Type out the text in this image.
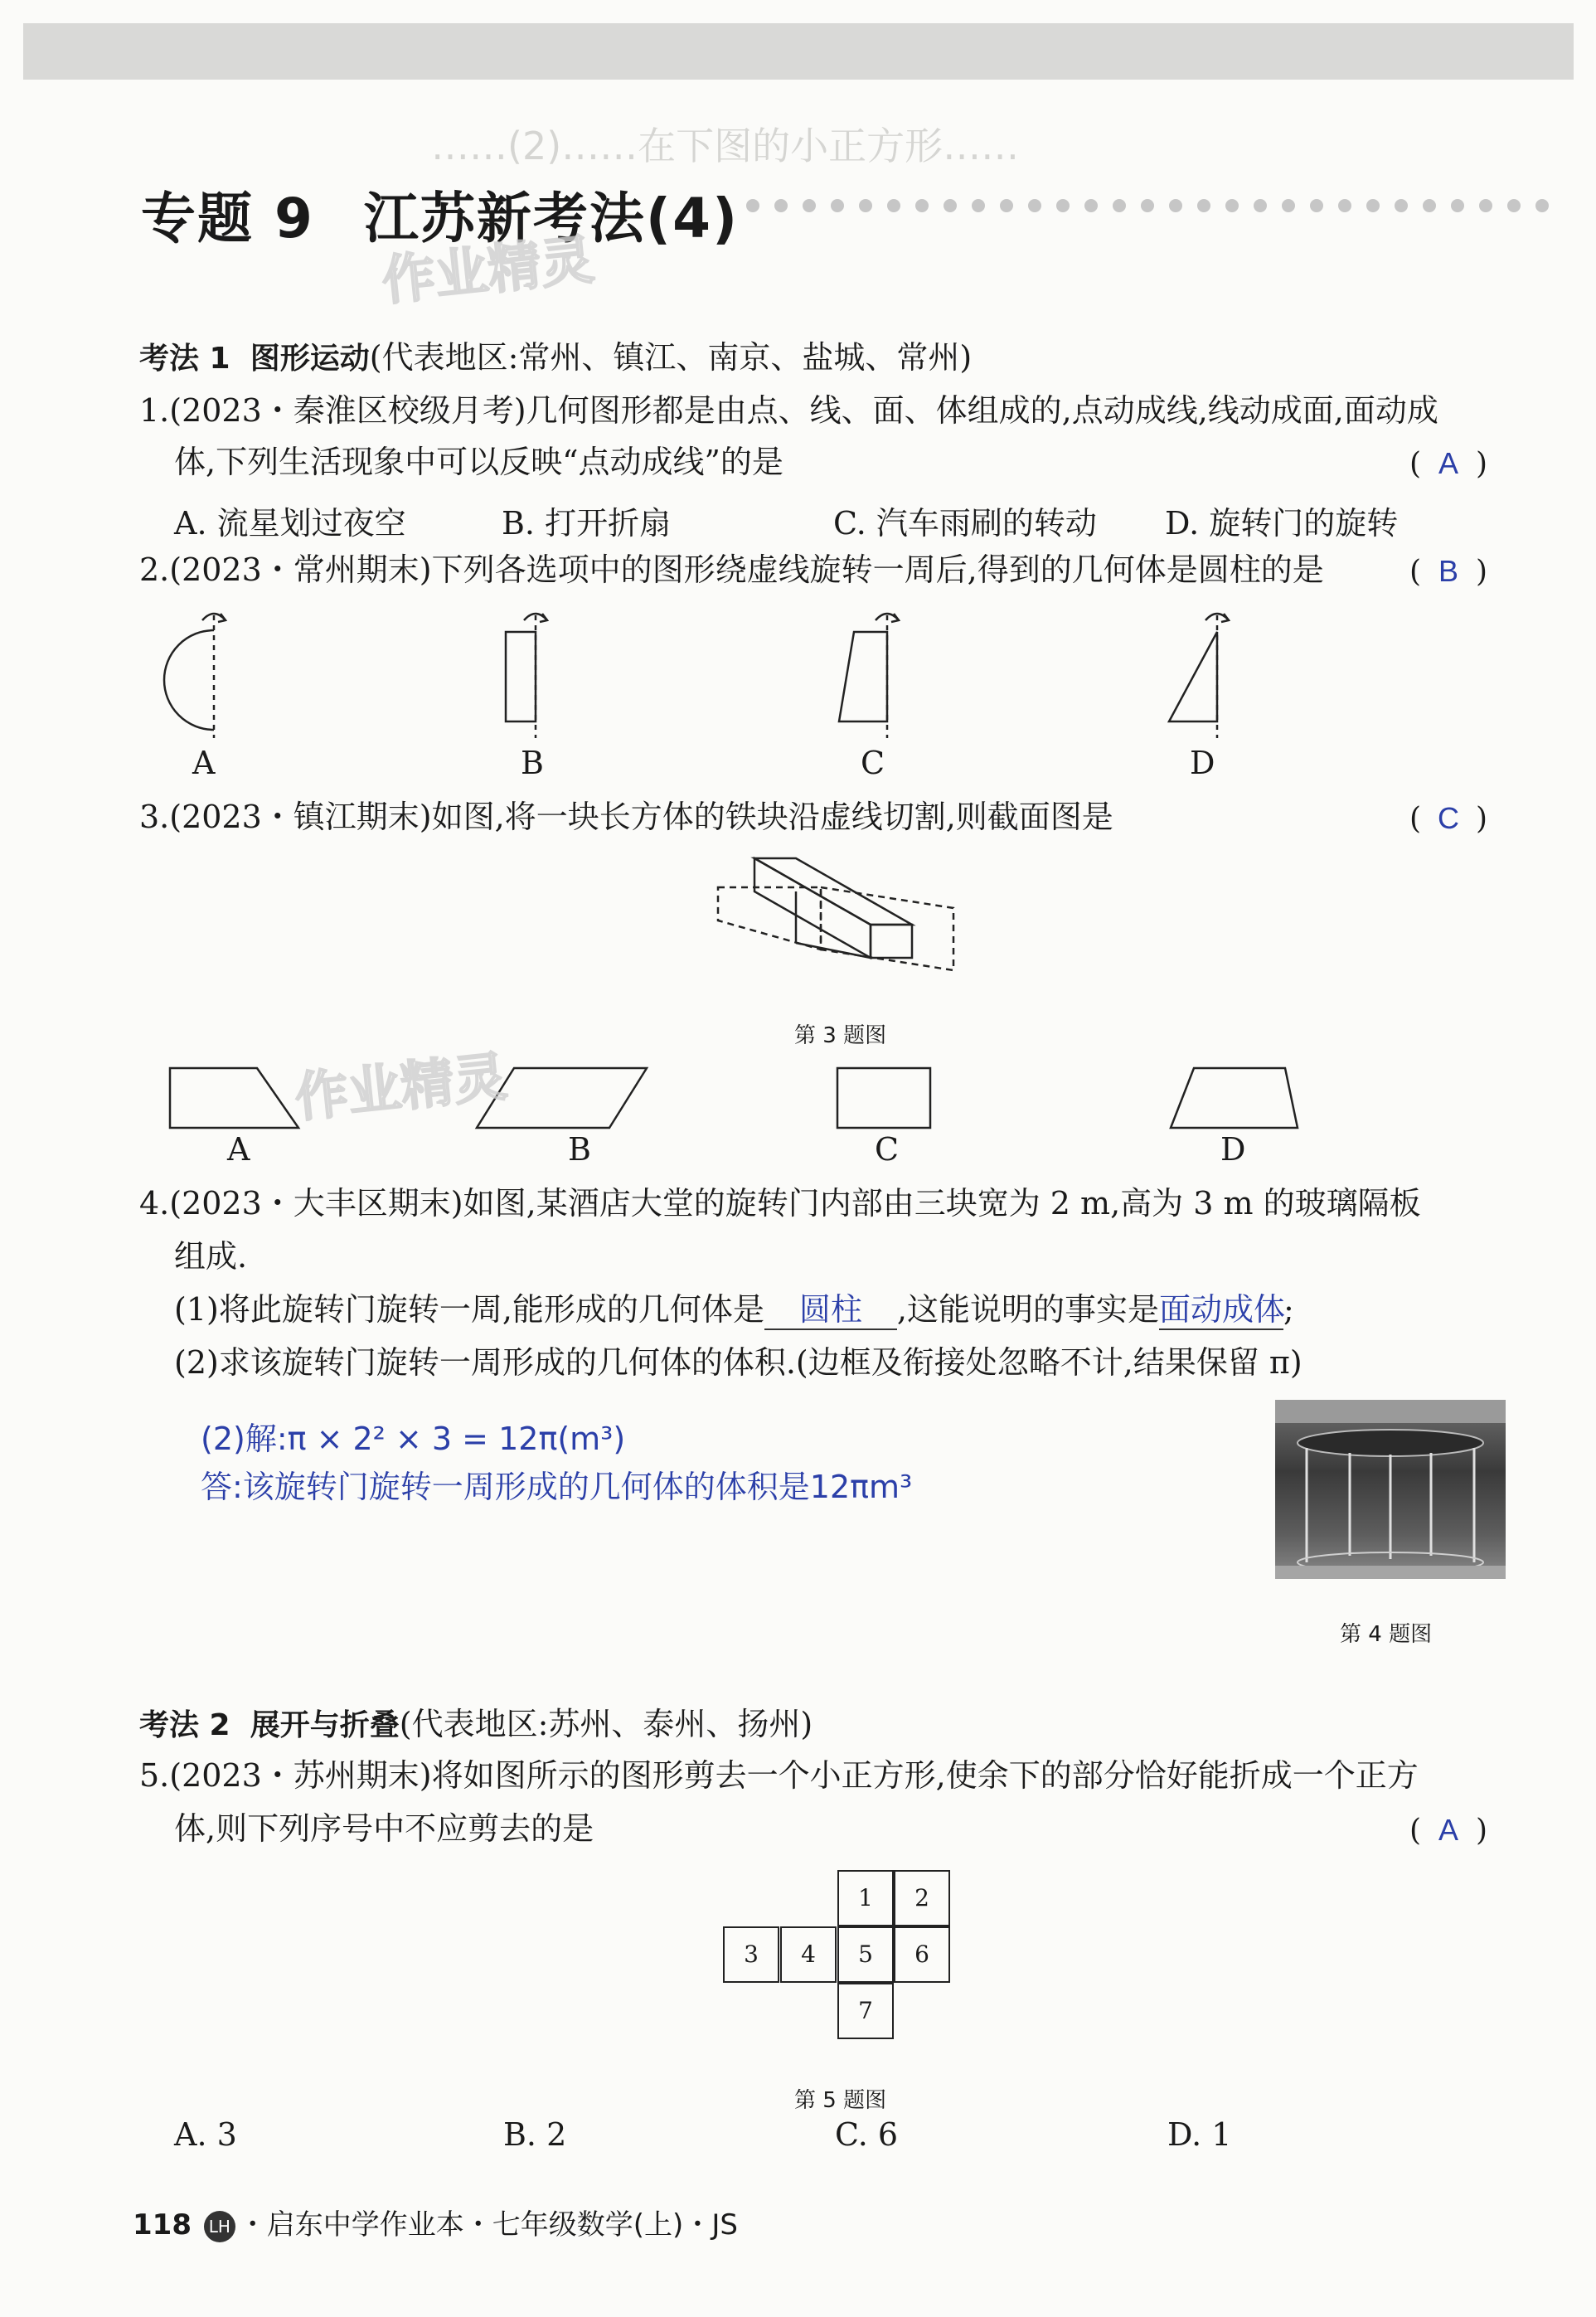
……(2)……在下图的小正方形……
专题 9 江苏新考法(4)
作业精灵
考法 1 图形运动(代表地区:常州、镇江、南京、盐城、常州)
1.(2023・秦淮区校级月考)几何图形都是由点、线、面、体组成的,点动成线,线动成面,面动成
体,下列生活现象中可以反映“点动成线”的是	( A )
A. 流星划过夜空	B. 打开折扇	C. 汽车雨刷的转动 D. 旋转门的旋转
2.(2023・常州期末)下列各选项中的图形绕虚线旋转一周后,得到的几何体是圆柱的是	( B )
A	B	C	D
3.(2023・镇江期末)如图,将一块长方体的铁块沿虚线切割,则截面图是	( C )
第 3 题图
作业精灵
A	B	C	D
4.(2023・大丰区期末)如图,某酒店大堂的旋转门内部由三块宽为 2 m,高为 3 m 的玻璃隔板
组成.
(1)将此旋转门旋转一周,能形成的几何体是 圆柱 ,这能说明的事实是面动成体;
(2)求该旋转门旋转一周形成的几何体的体积.(边框及衔接处忽略不计,结果保留 π)
(2)解:π × 2² × 3 = 12π(m³)
答:该旋转门旋转一周形成的几何体的体积是12πm³
第 4 题图
考法 2 展开与折叠(代表地区:苏州、泰州、扬州)
5.(2023・苏州期末)将如图所示的图形剪去一个小正方形,使余下的部分恰好能折成一个正方
体,则下列序号中不应剪去的是	( A )
1	2
3	4	5	6
7
第 5 题图
A. 3	B. 2	C. 6	D. 1
118 LH ・启东中学作业本・七年级数学(上)・JS
